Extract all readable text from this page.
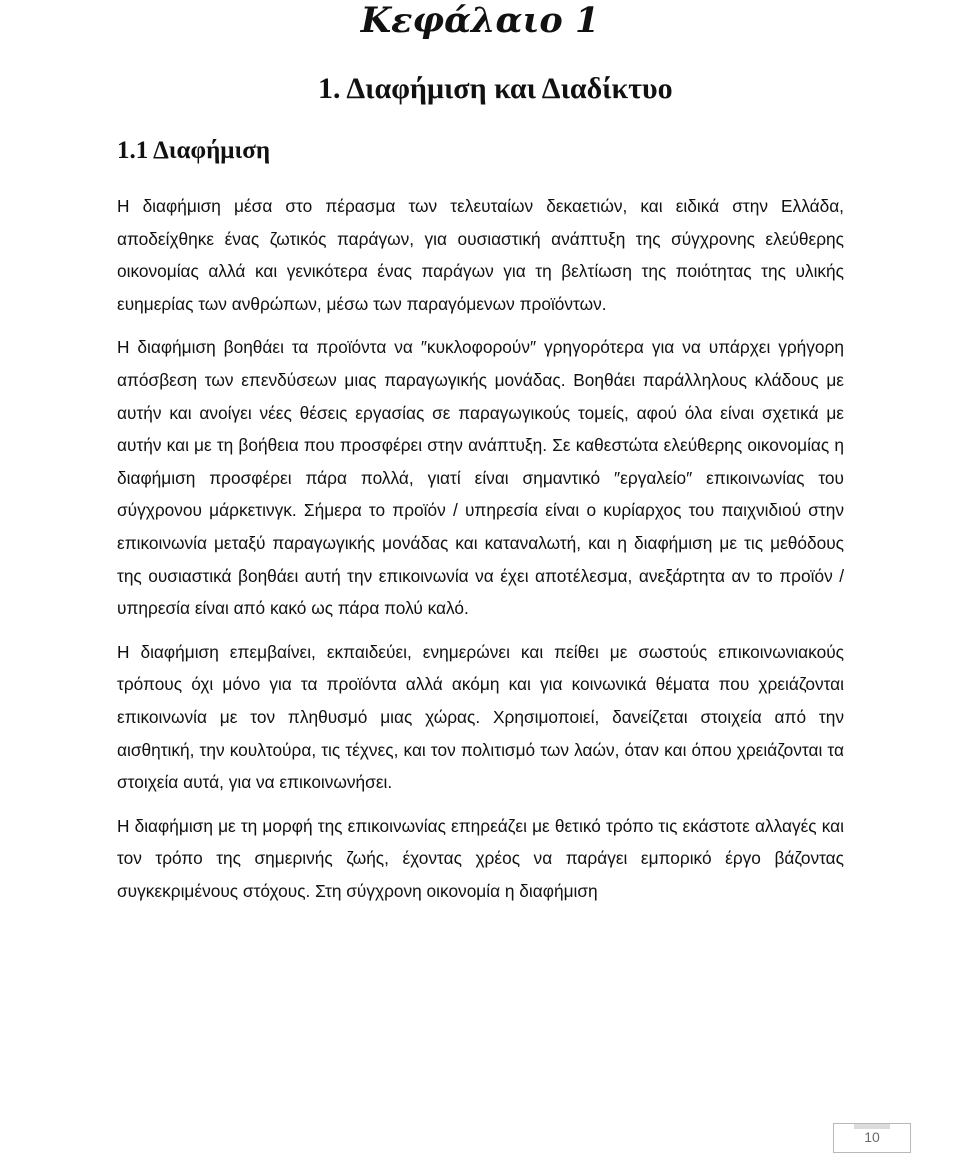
Κεφάλαιο 1
1. Διαφήμιση και Διαδίκτυο
1.1 Διαφήμιση

Η διαφήμιση μέσα στο πέρασμα των τελευταίων δεκαετιών, και ειδικά στην Ελλάδα, αποδείχθηκε ένας ζωτικός παράγων, για ουσιαστική ανάπτυξη της σύγχρονης ελεύθερης οικονομίας αλλά και γενικότερα ένας παράγων για τη βελτίωση της ποιότητας της υλικής ευημερίας των ανθρώπων, μέσω των παραγόμενων προϊόντων.

Η διαφήμιση βοηθάει τα προϊόντα να ″κυκλοφορούν″ γρηγορότερα για να υπάρχει γρήγορη απόσβεση των επενδύσεων μιας παραγωγικής μονάδας. Βοηθάει παράλληλους κλάδους με αυτήν και ανοίγει νέες θέσεις εργασίας σε παραγωγικούς τομείς, αφού όλα είναι σχετικά με αυτήν και με τη βοήθεια που προσφέρει στην ανάπτυξη. Σε καθεστώτα ελεύθερης οικονομίας η διαφήμιση προσφέρει πάρα πολλά, γιατί είναι σημαντικό ″εργαλείο″ επικοινωνίας του σύγχρονου μάρκετινγκ. Σήμερα το προϊόν / υπηρεσία είναι ο κυρίαρχος του παιχνιδιού στην επικοινωνία μεταξύ παραγωγικής μονάδας και καταναλωτή, και η διαφήμιση με τις μεθόδους της ουσιαστικά βοηθάει αυτή την επικοινωνία να έχει αποτέλεσμα, ανεξάρτητα αν το προϊόν / υπηρεσία είναι από κακό ως πάρα πολύ καλό.

Η διαφήμιση επεμβαίνει, εκπαιδεύει, ενημερώνει και πείθει με σωστούς επικοινωνιακούς τρόπους όχι μόνο για τα προϊόντα αλλά ακόμη και για κοινωνικά θέματα που χρειάζονται επικοινωνία με τον πληθυσμό μιας χώρας. Χρησιμοποιεί, δανείζεται στοιχεία από την αισθητική, την κουλτούρα, τις τέχνες, και τον πολιτισμό των λαών, όταν και όπου χρειάζονται τα στοιχεία αυτά, για να επικοινωνήσει.

Η διαφήμιση με τη μορφή της επικοινωνίας επηρεάζει με θετικό τρόπο τις εκάστοτε αλλαγές και τον τρόπο της σημερινής ζωής, έχοντας χρέος να παράγει εμπορικό έργο βάζοντας συγκεκριμένους στόχους. Στη σύγχρονη οικονομία η διαφήμιση

10
